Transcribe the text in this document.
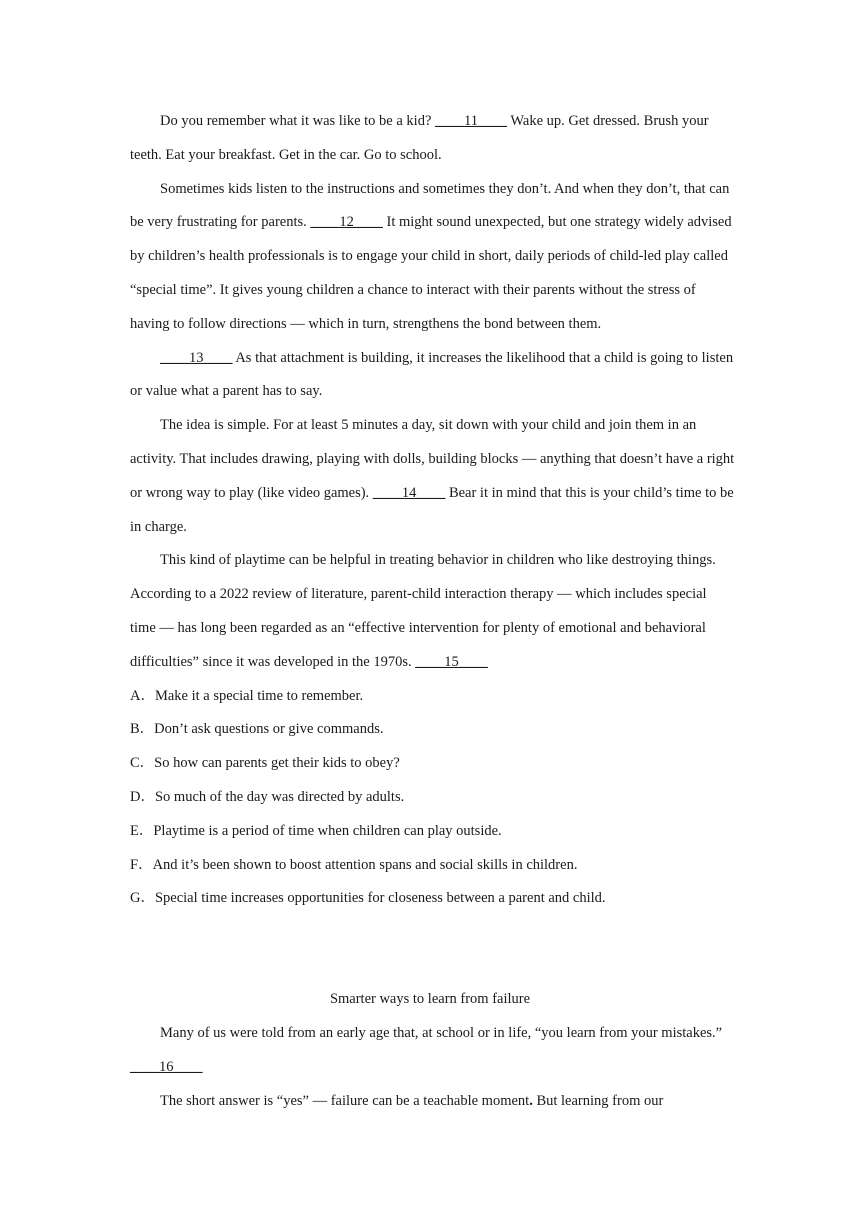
Do you remember what it was like to be a kid? ____11____ Wake up. Get dressed. Brush your teeth. Eat your breakfast. Get in the car. Go to school.

Sometimes kids listen to the instructions and sometimes they don’t. And when they don’t, that can be very frustrating for parents. ____12____ It might sound unexpected, but one strategy widely advised by children’s health professionals is to engage your child in short, daily periods of child-led play called “special time”. It gives young children a chance to interact with their parents without the stress of having to follow directions — which in turn, strengthens the bond between them.

____13____ As that attachment is building, it increases the likelihood that a child is going to listen or value what a parent has to say.

The idea is simple. For at least 5 minutes a day, sit down with your child and join them in an activity. That includes drawing, playing with dolls, building blocks — anything that doesn’t have a right or wrong way to play (like video games). ____14____ Bear it in mind that this is your child’s time to be in charge.

This kind of playtime can be helpful in treating behavior in children who like destroying things. According to a 2022 review of literature, parent-child interaction therapy — which includes special time — has long been regarded as an “effective intervention for plenty of emotional and behavioral difficulties” since it was developed in the 1970s. ____15____

A．Make it a special time to remember.

B．Don’t ask questions or give commands.

C．So how can parents get their kids to obey?

D．So much of the day was directed by adults.

E．Playtime is a period of time when children can play outside.

F．And it’s been shown to boost attention spans and social skills in children.

G．Special time increases opportunities for closeness between a parent and child.

Smarter ways to learn from failure

Many of us were told from an early age that, at school or in life, “you learn from your mistakes.” ____16____

The short answer is “yes” — failure can be a teachable moment. But learning from our
